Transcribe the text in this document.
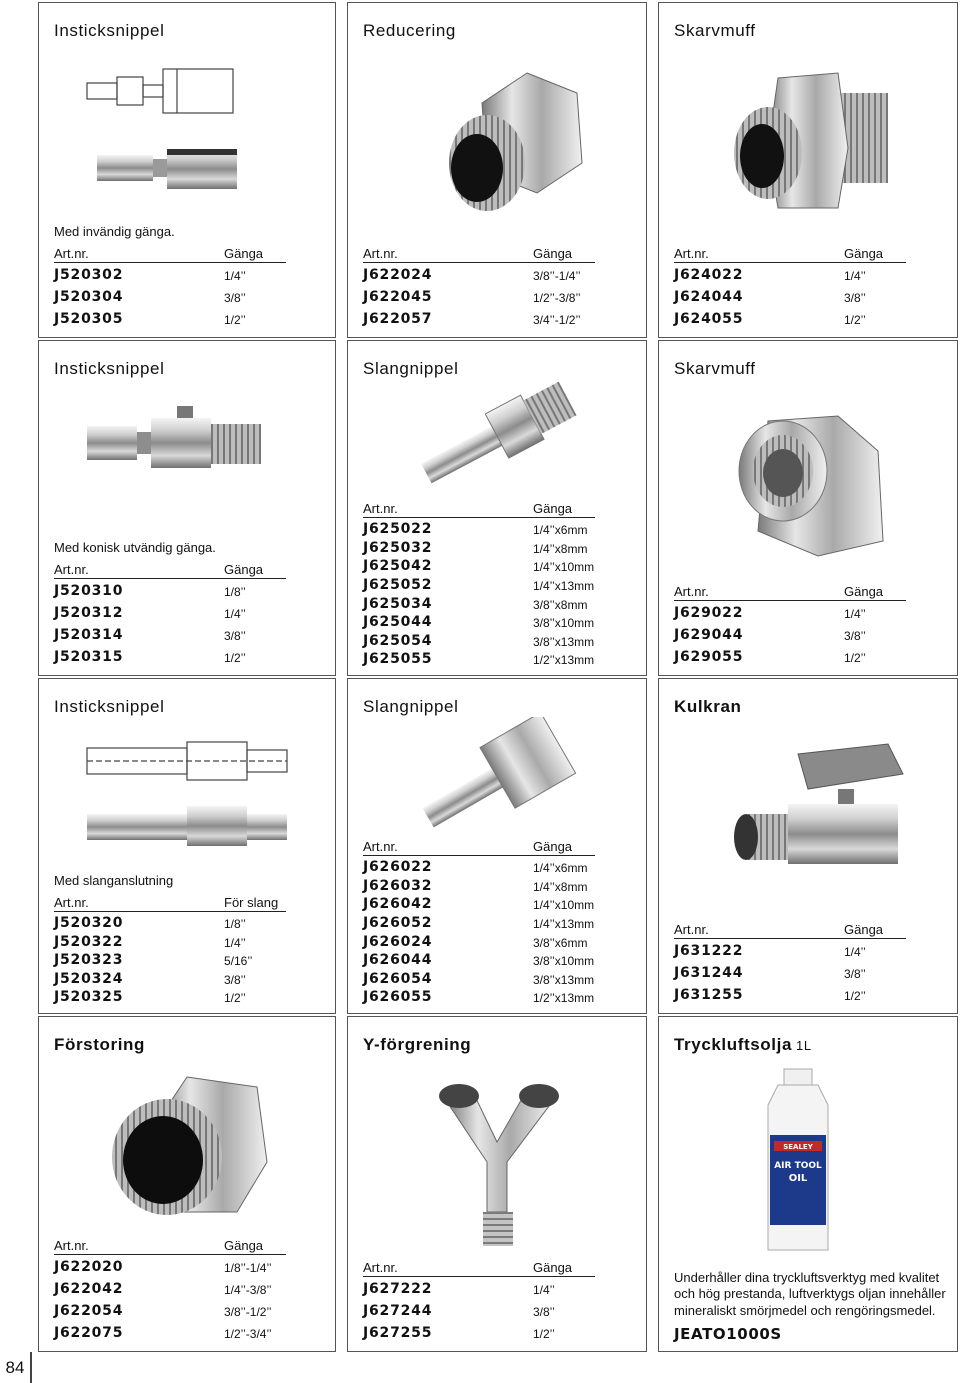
Insticksnippel
Med invändig gänga.
Art.nr.	Gänga
J520302	1/4’’
J520304	3/8’’
J520305	1/2’’
Reducering
Art.nr.	Gänga
J622024	3/8’’-1/4’’
J622045	1/2’’-3/8’’
J622057	3/4’’-1/2’’
Skarvmuff
Art.nr.	Gänga
J624022	1/4’’
J624044	3/8’’
J624055	1/2’’
Insticksnippel
Med konisk utvändig gänga.
Art.nr.	Gänga
J520310	1/8’’
J520312	1/4’’
J520314	3/8’’
J520315	1/2’’
Slangnippel
Art.nr.	Gänga
J625022	1/4’’x6mm
J625032	1/4’’x8mm
J625042	1/4’’x10mm
J625052	1/4’’x13mm
J625034	3/8’’x8mm
J625044	3/8’’x10mm
J625054	3/8’’x13mm
J625055	1/2’’x13mm
Skarvmuff
Art.nr.	Gänga
J629022	1/4’’
J629044	3/8’’
J629055	1/2’’
Insticksnippel
Med slanganslutning
Art.nr.	För slang
J520320	1/8’’
J520322	1/4’’
J520323	5/16’’
J520324	3/8’’
J520325	1/2’’
Slangnippel
Art.nr.	Gänga
J626022	1/4’’x6mm
J626032	1/4’’x8mm
J626042	1/4’’x10mm
J626052	1/4’’x13mm
J626024	3/8’’x6mm
J626044	3/8’’x10mm
J626054	3/8’’x13mm
J626055	1/2’’x13mm
Kulkran
Art.nr.	Gänga
J631222	1/4’’
J631244	3/8’’
J631255	1/2’’
Förstoring
Art.nr.	Gänga
J622020	1/8’’-1/4’’
J622042	1/4’’-3/8’’
J622054	3/8’’-1/2’’
J622075	1/2’’-3/4’’
Y-förgrening
Art.nr.	Gänga
J627222	1/4’’
J627244	3/8’’
J627255	1/2’’
Tryckluftsolja 1L
SEALEY
AIR TOOL
OIL
Underhåller dina tryckluftsverktyg med kvalitet och hög prestanda, luftverktygs oljan innehåller mineraliskt smörjmedel och rengöringsmedel.
JEATO1000S
84
